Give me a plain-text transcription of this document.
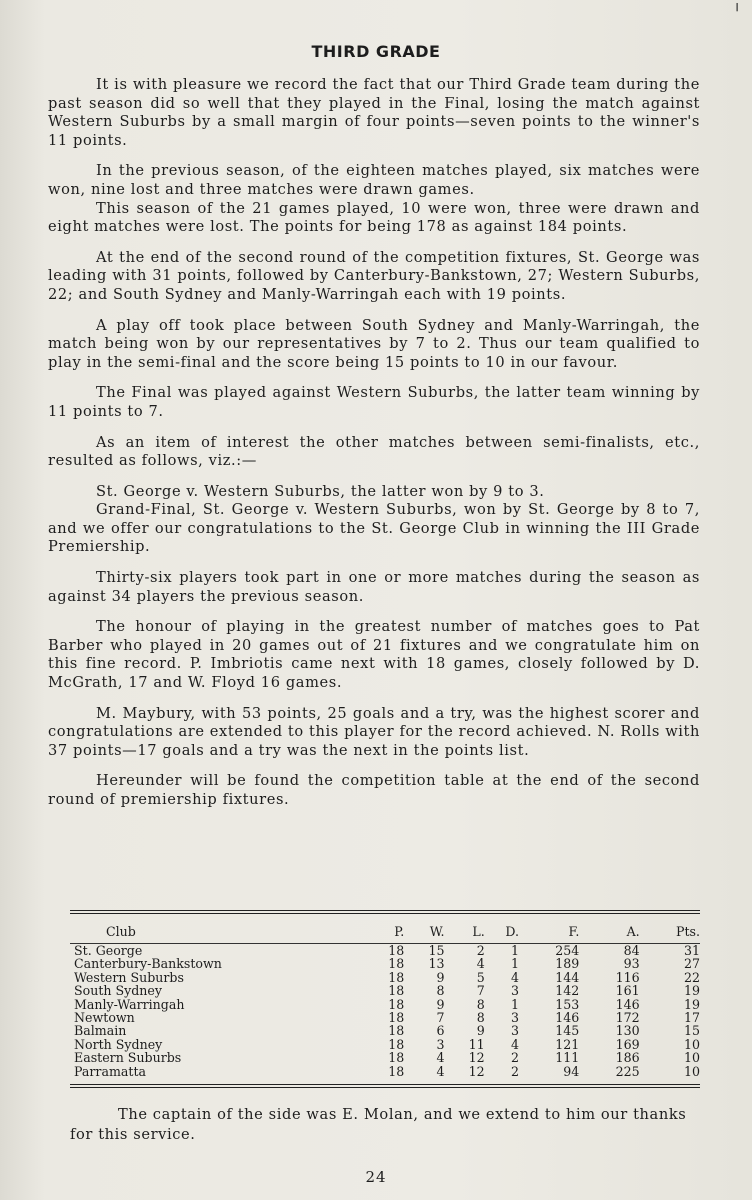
╵
THIRD GRADE

It is with pleasure we record the fact that our Third Grade team during the past season did so well that they played in the Final, losing the match against Western Suburbs by a small margin of four points—seven points to the winner's 11 points.

In the previous season, of the eighteen matches played, six matches were won, nine lost and three matches were drawn games.

This season of the 21 games played, 10 were won, three were drawn and eight matches were lost. The points for being 178 as against 184 points.

At the end of the second round of the competition fixtures, St. George was leading with 31 points, followed by Canterbury-Bankstown, 27; Western Suburbs, 22; and South Sydney and Manly-Warringah each with 19 points.

A play off took place between South Sydney and Manly-Warringah, the match being won by our representatives by 7 to 2. Thus our team qualified to play in the semi-final and the score being 15 points to 10 in our favour.

The Final was played against Western Suburbs, the latter team winning by 11 points to 7.

As an item of interest the other matches between semi-finalists, etc., resulted as follows, viz.:—

St. George v. Western Suburbs, the latter won by 9 to 3.

Grand-Final, St. George v. Western Suburbs, won by St. George by 8 to 7, and we offer our congratulations to the St. George Club in winning the III Grade Premiership.

Thirty-six players took part in one or more matches during the season as against 34 players the previous season.

The honour of playing in the greatest number of matches goes to Pat Barber who played in 20 games out of 21 fixtures and we congratulate him on this fine record. P. Imbriotis came next with 18 games, closely followed by D. McGrath, 17 and W. Floyd 16 games.

M. Maybury, with 53 points, 25 goals and a try, was the highest scorer and congratulations are extended to this player for the record achieved. N. Rolls with 37 points—17 goals and a try was the next in the points list.

Hereunder will be found the competition table at the end of the second round of premiership fixtures.

Club	P.	W.	L.	D.	F.	A.	Pts.
St. George	18	15	2	1	254	84	31
Canterbury-Bankstown	18	13	4	1	189	93	27
Western Suburbs	18	9	5	4	144	116	22
South Sydney	18	8	7	3	142	161	19
Manly-Warringah	18	9	8	1	153	146	19
Newtown	18	7	8	3	146	172	17
Balmain	18	6	9	3	145	130	15
North Sydney	18	3	11	4	121	169	10
Eastern Suburbs	18	4	12	2	111	186	10
Parramatta	18	4	12	2	94	225	10
The captain of the side was E. Molan, and we extend to him our thanks for this service.
24
